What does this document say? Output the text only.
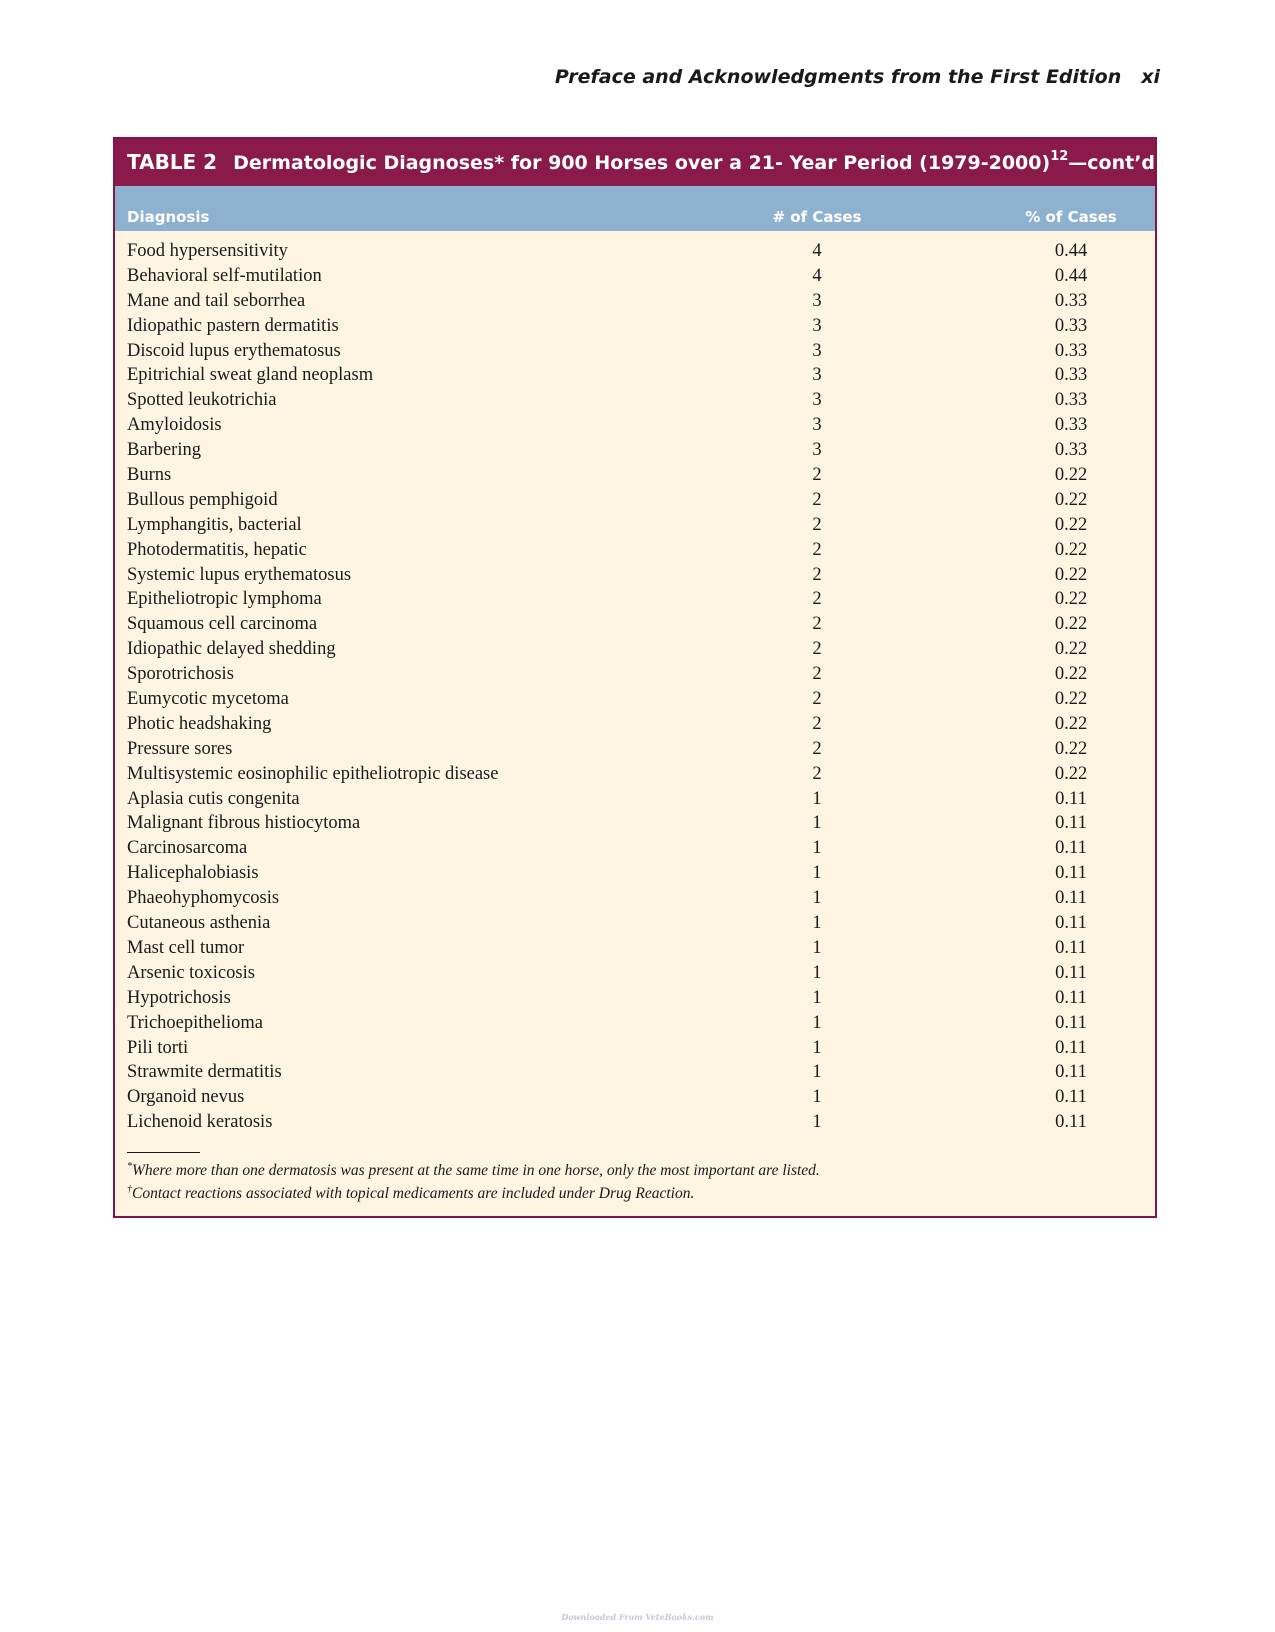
Preface and Acknowledgments from the First Edition xi
TABLE 2 Dermatologic Diagnoses* for 900 Horses over a 21- Year Period (1979-2000)$^{12}$—cont’d
Diagnosis	# of Cases	% of Cases
Food hypersensitivity	4	0.44
Behavioral self-mutilation	4	0.44
Mane and tail seborrhea	3	0.33
Idiopathic pastern dermatitis	3	0.33
Discoid lupus erythematosus	3	0.33
Epitrichial sweat gland neoplasm	3	0.33
Spotted leukotrichia	3	0.33
Amyloidosis	3	0.33
Barbering	3	0.33
Burns	2	0.22
Bullous pemphigoid	2	0.22
Lymphangitis, bacterial	2	0.22
Photodermatitis, hepatic	2	0.22
Systemic lupus erythematosus	2	0.22
Epitheliotropic lymphoma	2	0.22
Squamous cell carcinoma	2	0.22
Idiopathic delayed shedding	2	0.22
Sporotrichosis	2	0.22
Eumycotic mycetoma	2	0.22
Photic headshaking	2	0.22
Pressure sores	2	0.22
Multisystemic eosinophilic epitheliotropic disease	2	0.22
Aplasia cutis congenita	1	0.11
Malignant fibrous histiocytoma	1	0.11
Carcinosarcoma	1	0.11
Halicephalobiasis	1	0.11
Phaeohyphomycosis	1	0.11
Cutaneous asthenia	1	0.11
Mast cell tumor	1	0.11
Arsenic toxicosis	1	0.11
Hypotrichosis	1	0.11
Trichoepithelioma	1	0.11
Pili torti	1	0.11
Strawmite dermatitis	1	0.11
Organoid nevus	1	0.11
Lichenoid keratosis	1	0.11
*Where more than one dermatosis was present at the same time in one horse, only the most important are listed.
†Contact reactions associated with topical medicaments are included under Drug Reaction.
Downloaded From VeteBooks.com
